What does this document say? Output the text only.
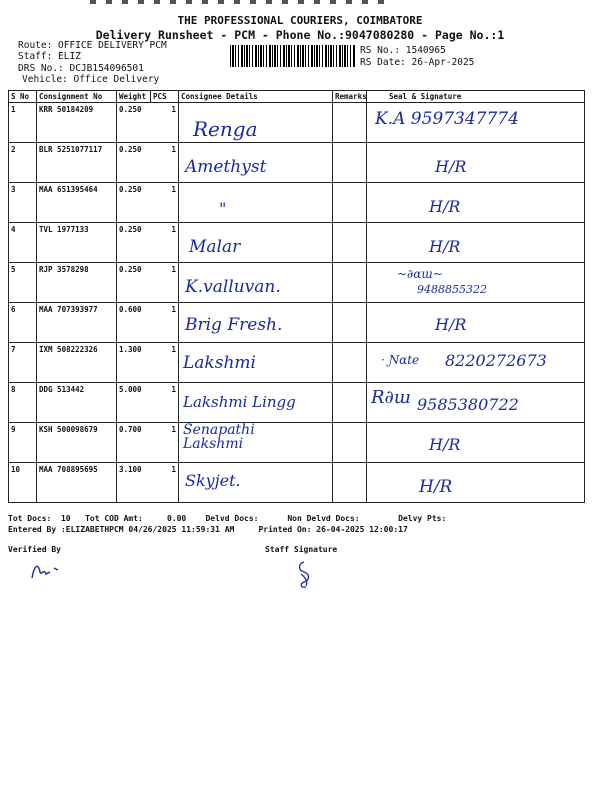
THE PROFESSIONAL COURIERS, COIMBATORE
Delivery Runsheet - PCM - Phone No.:9047080280 - Page No.:1
Route: OFFICE DELIVERY PCM
Staff: ELIZ
DRS No.: DCJB154096501
Vehicle: Office Delivery
RS No.: 1540965
RS Date: 26-Apr-2025
S No	Consignment No	Weight	PCS	Consignee Details	Remarks	Seal & Signature
1	KRR 50184209	0.250	1	Renga		K.A 9597347774

2	BLR 5251077117	0.250	1	Amethyst		H/R

3	MAA 651395464	0.250	1	"		H/R

4	TVL 1977133	0.250	1	Malar		H/R

5	RJP 3578298	0.250	1	K.valluvan.		~∂ɑɯ~
9488855322

6	MAA 707393977	0.600	1	Brig Fresh.		H/R

7	IXM 508222326	1.300	1	Lakshmi		· Ɲɑte 8220272673

8	DDG 513442	5.000	1	Lakshmi Lingg		R∂ɯ 9585380722

9	KSH 500098679	0.700	1	Senapathi Lakshmi		H/R

10	MAA 708895695	3.100	1	Skyjet.		H/R
Tot Docs:  10   Tot COD Amt:     0.00    Delvd Docs:      Non Delvd Docs:        Delvy Pts:
Entered By :ELIZABETHPCM 04/26/2025 11:59:31 AM     Printed On: 26-04-2025 12:00:17
Verified By	Staff Signature
